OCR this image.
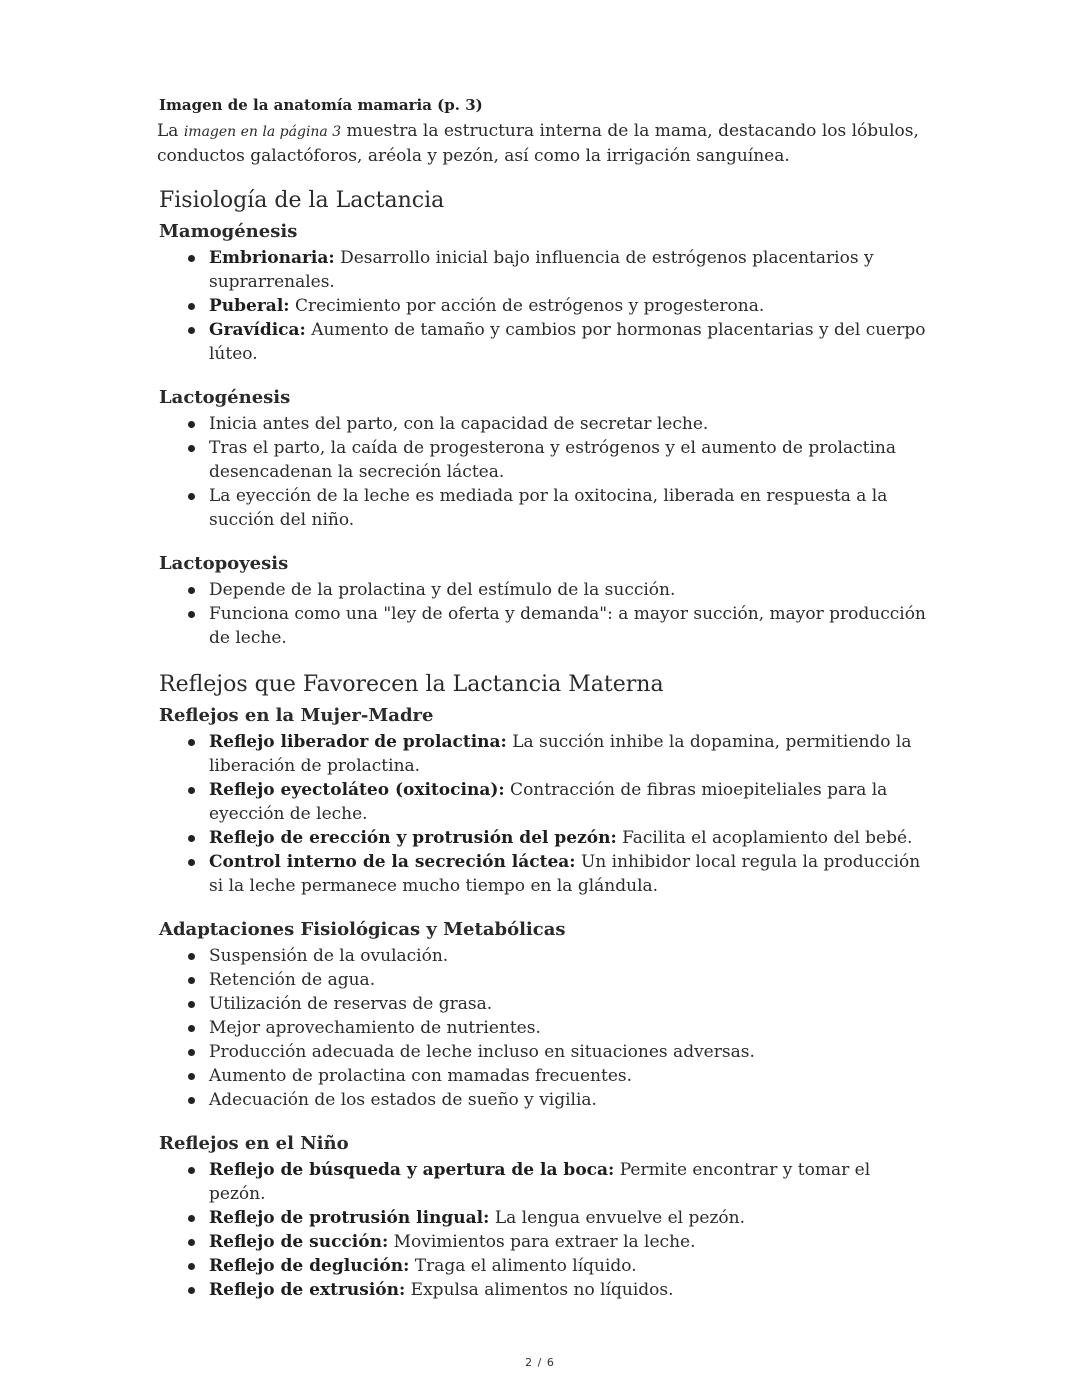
Imagen de la anatomía mamaria (p. 3)

La imagen en la página 3 muestra la estructura interna de la mama, destacando los lóbulos, conductos galactóforos, aréola y pezón, así como la irrigación sanguínea.

Fisiología de la Lactancia
Mamogénesis
Embrionaria: Desarrollo inicial bajo influencia de estrógenos placentarios y suprarrenales.
Puberal: Crecimiento por acción de estrógenos y progesterona.
Gravídica: Aumento de tamaño y cambios por hormonas placentarias y del cuerpo lúteo.
Lactogénesis
Inicia antes del parto, con la capacidad de secretar leche.
Tras el parto, la caída de progesterona y estrógenos y el aumento de prolactina desencadenan la secreción láctea.
La eyección de la leche es mediada por la oxitocina, liberada en respuesta a la succión del niño.
Lactopoyesis
Depende de la prolactina y del estímulo de la succión.
Funciona como una "ley de oferta y demanda": a mayor succión, mayor producción de leche.
Reflejos que Favorecen la Lactancia Materna
Reflejos en la Mujer-Madre
Reflejo liberador de prolactina: La succión inhibe la dopamina, permitiendo la liberación de prolactina.
Reflejo eyectoláteo (oxitocina): Contracción de fibras mioepiteliales para la eyección de leche.
Reflejo de erección y protrusión del pezón: Facilita el acoplamiento del bebé.
Control interno de la secreción láctea: Un inhibidor local regula la producción si la leche permanece mucho tiempo en la glándula.
Adaptaciones Fisiológicas y Metabólicas
Suspensión de la ovulación.
Retención de agua.
Utilización de reservas de grasa.
Mejor aprovechamiento de nutrientes.
Producción adecuada de leche incluso en situaciones adversas.
Aumento de prolactina con mamadas frecuentes.
Adecuación de los estados de sueño y vigilia.
Reflejos en el Niño
Reflejo de búsqueda y apertura de la boca: Permite encontrar y tomar el pezón.
Reflejo de protrusión lingual: La lengua envuelve el pezón.
Reflejo de succión: Movimientos para extraer la leche.
Reflejo de deglución: Traga el alimento líquido.
Reflejo de extrusión: Expulsa alimentos no líquidos.
2 / 6
